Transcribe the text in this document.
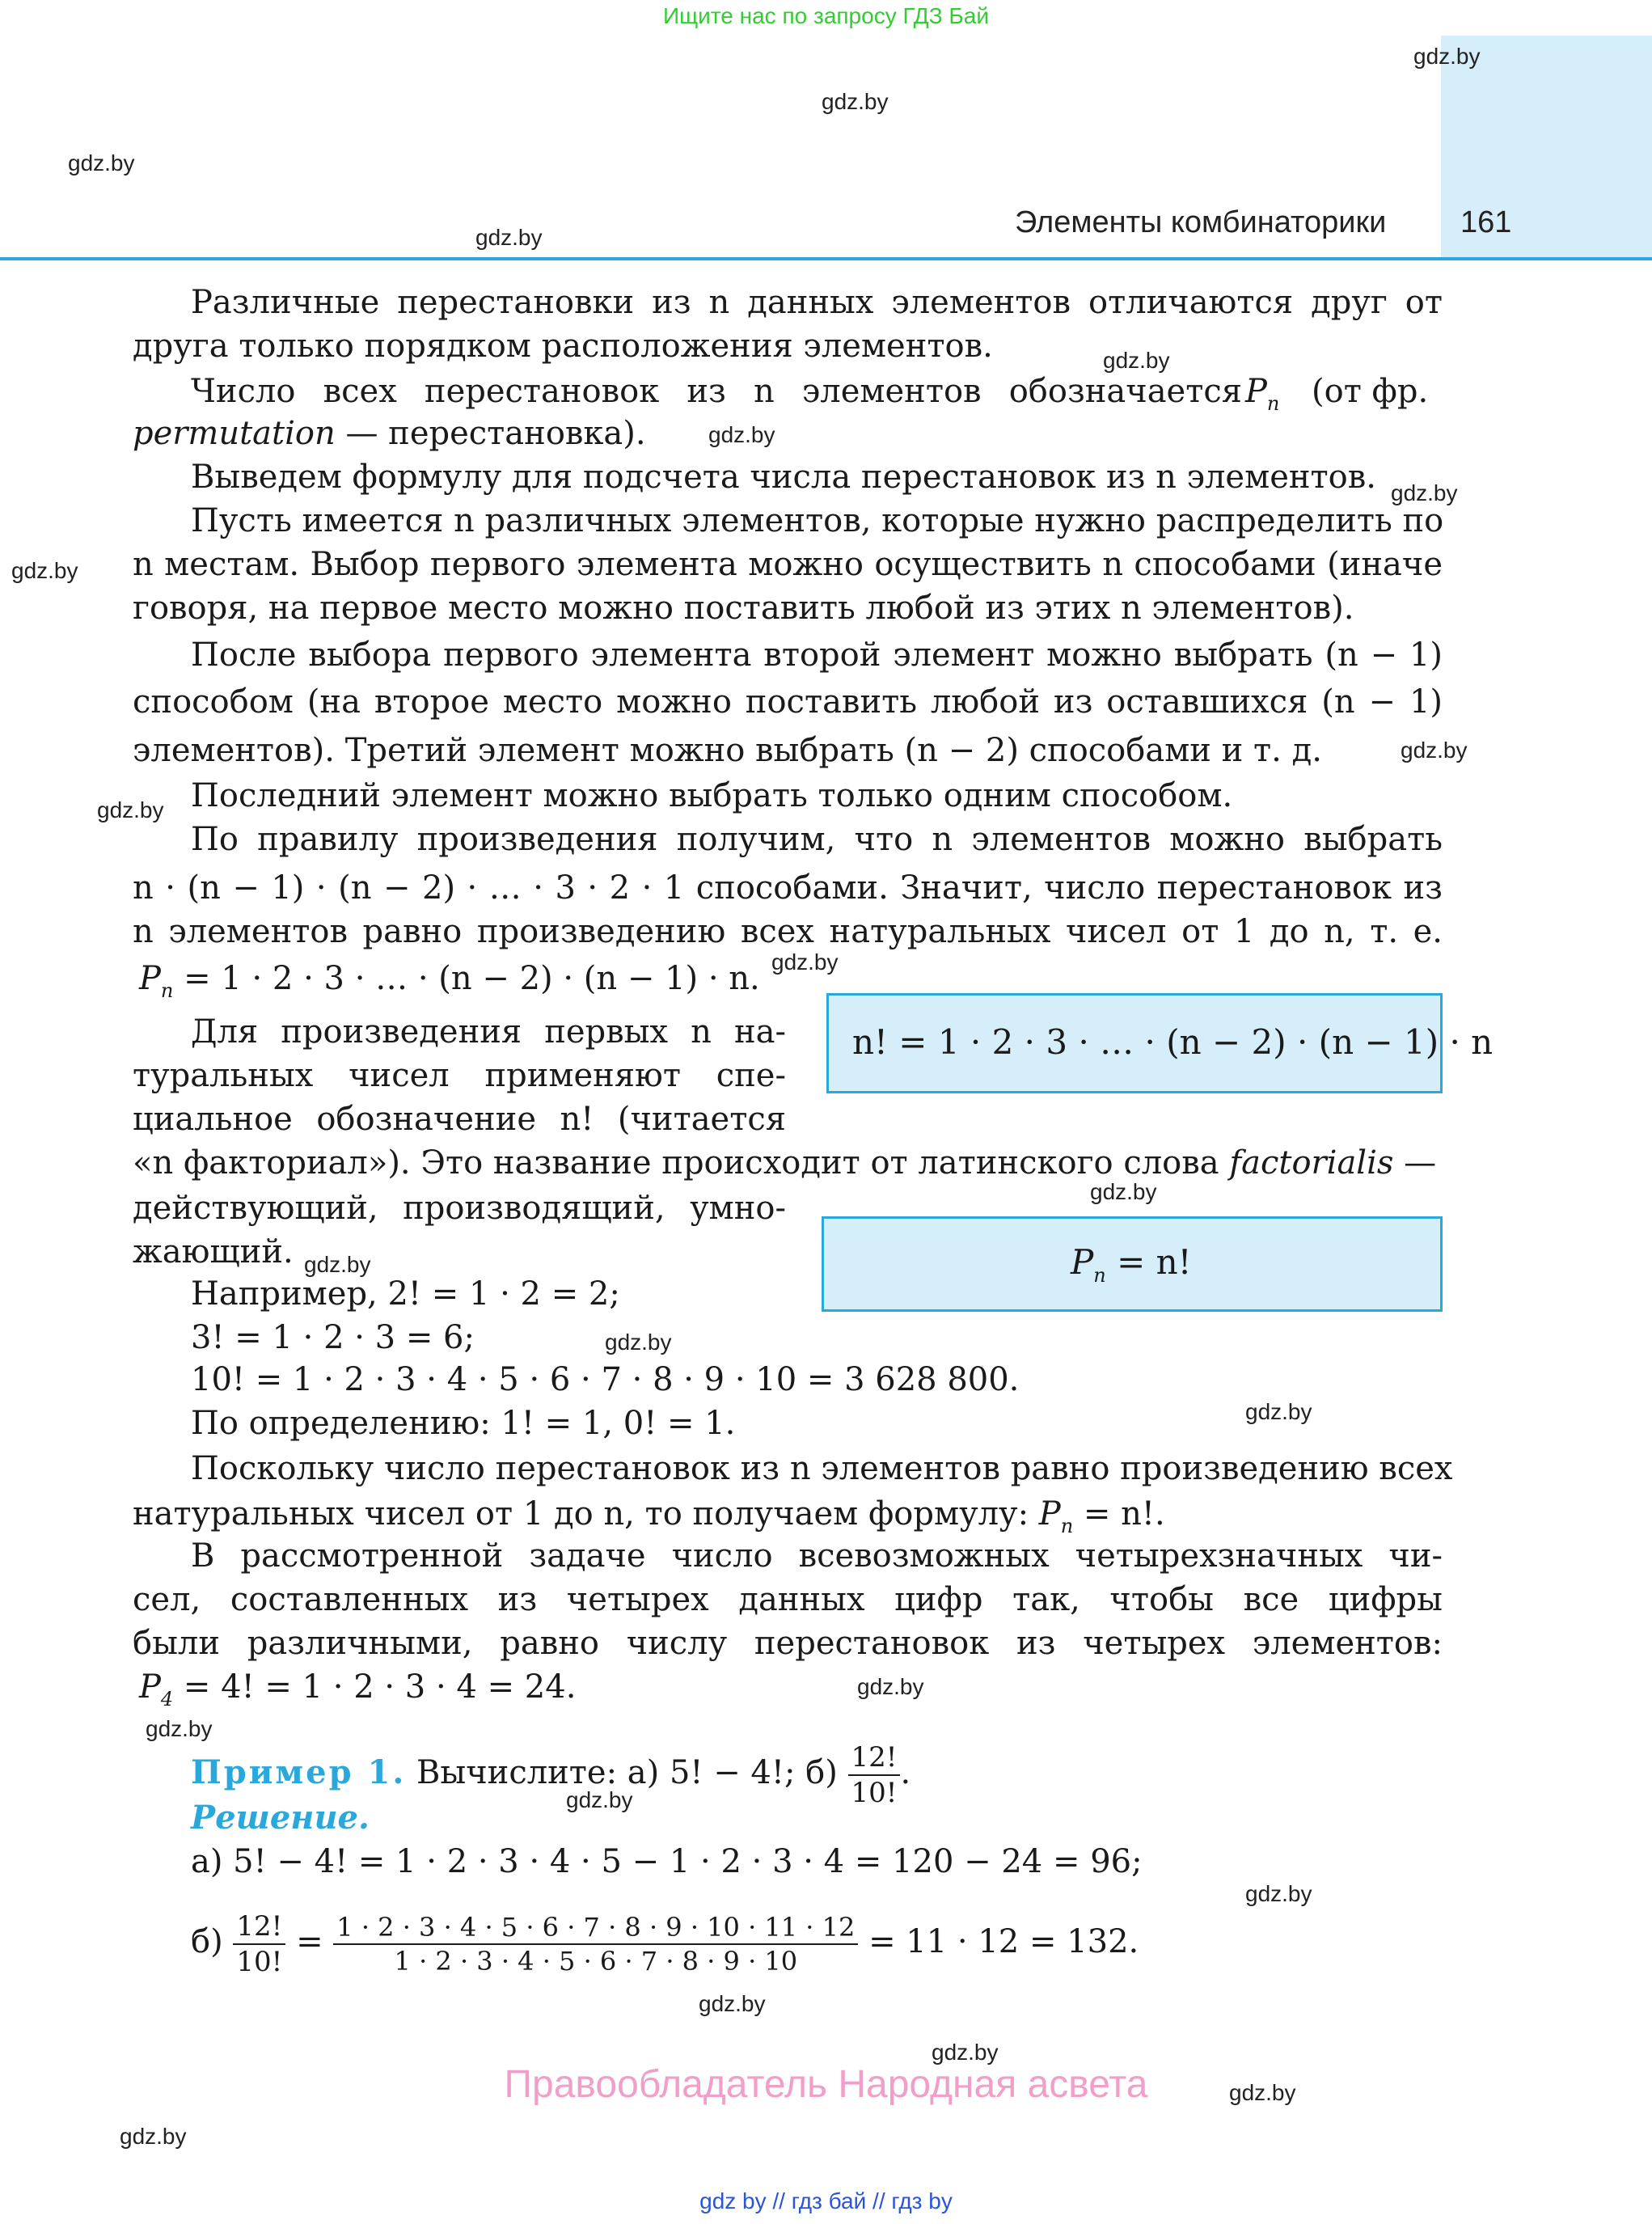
Ищите нас по запросу ГДЗ Бай
Элементы комбинаторики 161
gdz.by
gdz.by
gdz.by
gdz.by
gdz.by
gdz.by
gdz.by
gdz.by
gdz.by
gdz.by
gdz.by
gdz.by
gdz.by
gdz.by
gdz.by
gdz.by
gdz.by
gdz.by
gdz.by
gdz.by
gdz.by
gdz.by
gdz.by
Различные перестановки из n данных элементов отличаются друг от
друга только порядком расположения элементов.
Число всех перестановок из n элементов обозначается $P_n$ (от фр.
permutation — перестановка).
Выведем формулу для подсчета числа перестановок из n элементов.
Пусть имеется n различных элементов, которые нужно распределить по
n местам. Выбор первого элемента можно осуществить n способами (иначе
говоря, на первое место можно поставить любой из этих n элементов).
После выбора первого элемента второй элемент можно выбрать (n − 1)
способом (на второе место можно поставить любой из оставшихся (n − 1)
элементов). Третий элемент можно выбрать (n − 2) способами и т. д.
Последний элемент можно выбрать только одним способом.
По правилу произведения получим, что n элементов можно выбрать
n · (n − 1) · (n − 2) · … · 3 · 2 · 1 способами. Значит, число перестановок из
n элементов равно произведению всех натуральных чисел от 1 до n, т. е.
$P_n = 1 \cdot 2 \cdot 3$ · … · (n − 2) · (n − 1) · n.
Для произведения первых n на-
туральных чисел применяют спе-
циальное обозначение n! (читается
«n факториал»). Это название происходит от латинского слова factorialis —
действующий, производящий, умно-
жающий.
Например, 2! = 1 · 2 = 2;
3! = 1 · 2 · 3 = 6;
10! = 1 · 2 · 3 · 4 · 5 · 6 · 7 · 8 · 9 · 10 = 3 628 800.
По определению: 1! = 1, 0! = 1.
Поскольку число перестановок из n элементов равно произведению всех
натуральных чисел от 1 до n, то получаем формулу: $P_n = n$!.
В рассмотренной задаче число всевозможных четырехзначных чи-
сел, составленных из четырех данных цифр так, чтобы все цифры
были различными, равно числу перестановок из четырех элементов:
$P_4 = 4$! = 1 · 2 · 3 · 4 = 24.
n! = 1 · 2 · 3 · … · (n − 2) · (n − 1) · n
$P_n = n$!
Пример 1. Вычислите: а) 5! − 4!; $б) \frac{12!}{10!}$ .
Решение.
а) 5! − 4! = 1 · 2 · 3 · 4 · 5 − 1 · 2 · 3 · 4 = 120 − 24 = 96;
$б) \frac{12!}{10!} = \frac{1 \cdot 2 \cdot 3 \cdot 4 \cdot 5 \cdot 6 \cdot 7 \cdot 8 \cdot 9 \cdot 10 \cdot 11 \cdot 12}{1 \cdot 2 \cdot 3 \cdot 4 \cdot 5 \cdot 6 \cdot 7 \cdot 8 \cdot 9 \cdot 10} = 11 \cdot 12 = 132$.
Правообладатель Народная асвета
gdz by // гдз бай // гдз by
